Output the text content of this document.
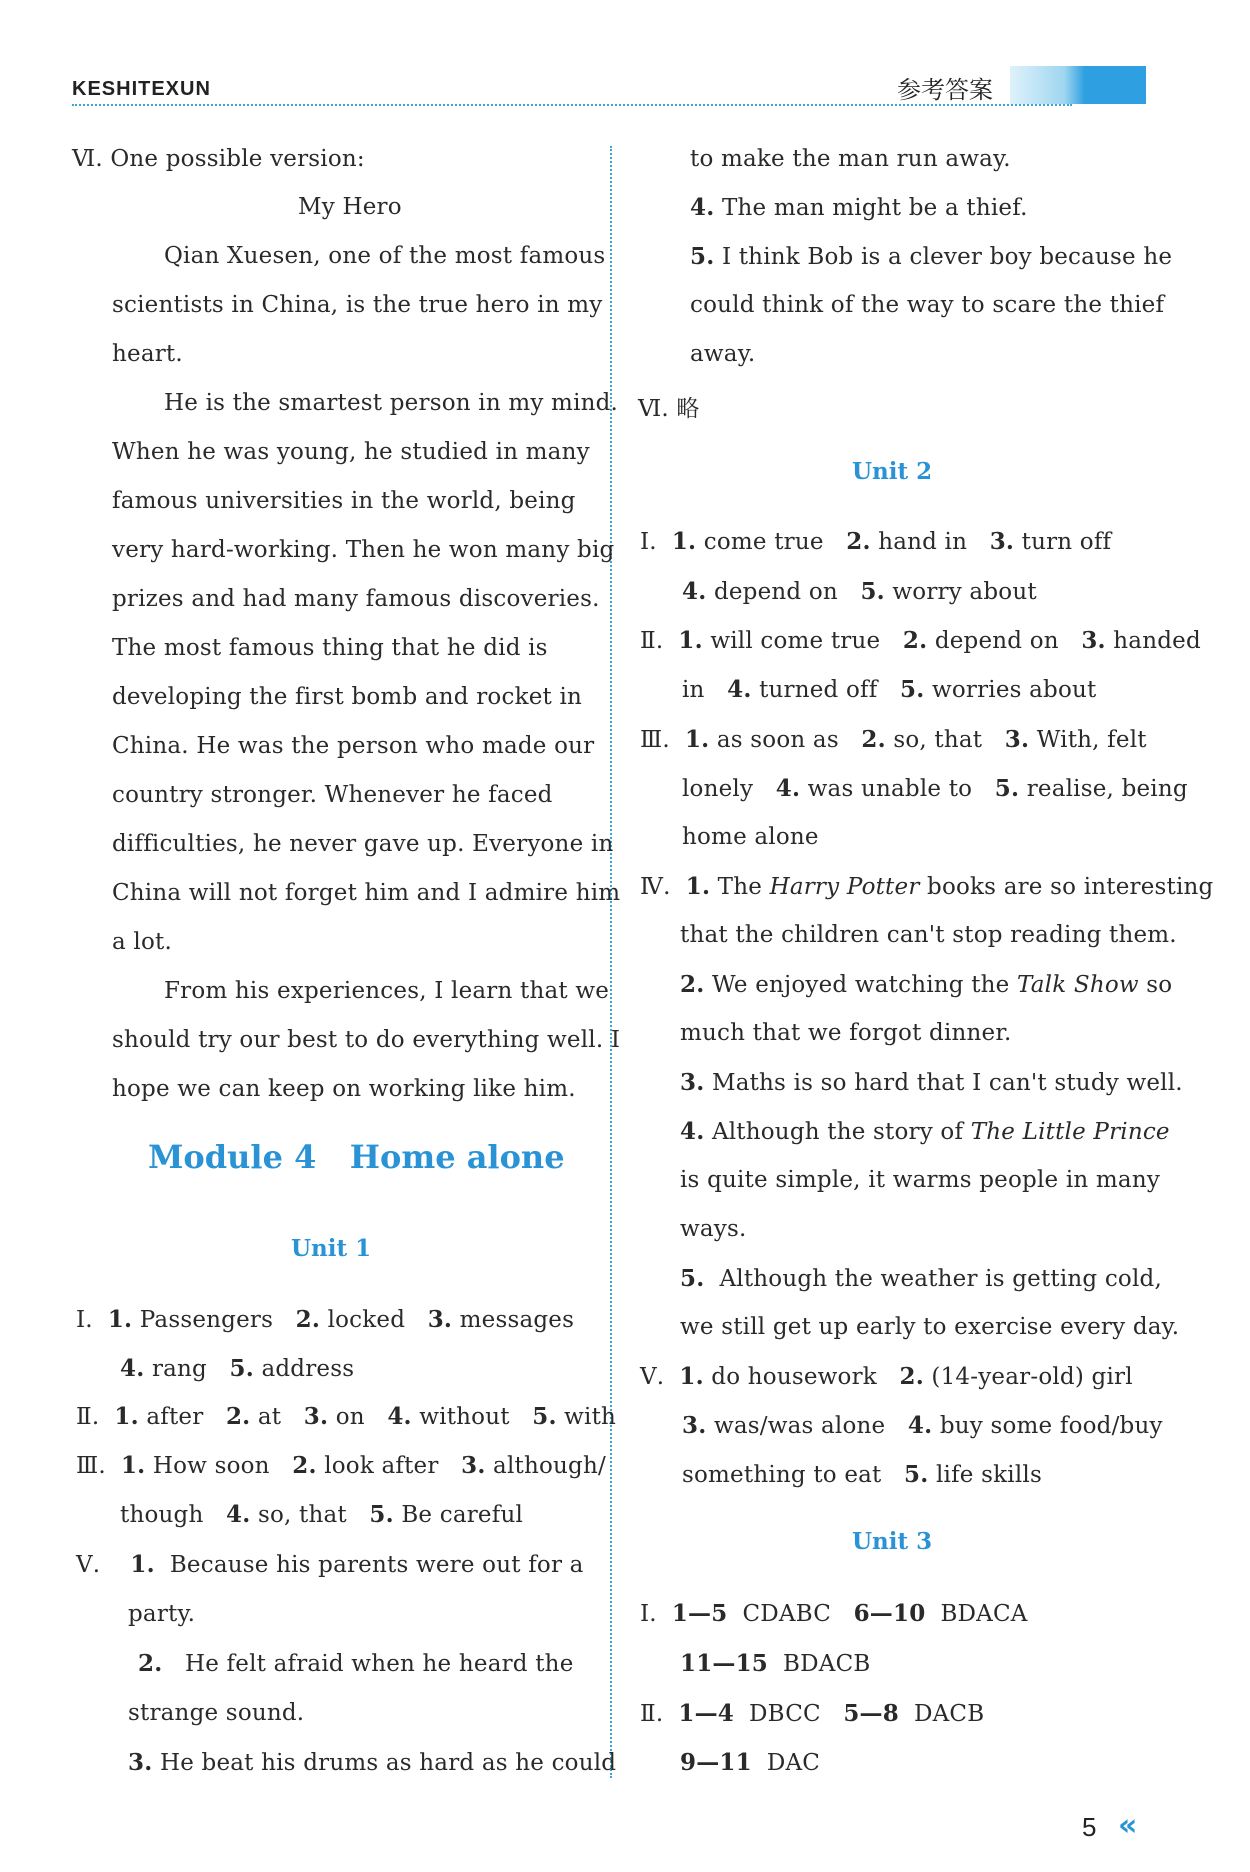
KESHITEXUN	参考答案
Ⅵ. One possible version:
My Hero
Qian Xuesen, one of the most famous
scientists in China, is the true hero in my
heart.
He is the smartest person in my mind.
When he was young, he studied in many
famous universities in the world, being
very hard-working. Then he won many big
prizes and had many famous discoveries.
The most famous thing that he did is
developing the first bomb and rocket in
China. He was the person who made our
country stronger. Whenever he faced
difficulties, he never gave up. Everyone in
China will not forget him and I admire him
a lot.
From his experiences, I learn that we
should try our best to do everything well. I
hope we can keep on working like him.
Module 4 Home alone
Unit 1
Ⅰ. 1. Passengers 2. locked 3. messages
4. rang 5. address
Ⅱ. 1. after 2. at 3. on 4. without 5. with
Ⅲ. 1. How soon 2. look after 3. although/
though 4. so, that 5. Be careful
Ⅴ. 1. Because his parents were out for a
party.
2. He felt afraid when he heard the
strange sound.
3. He beat his drums as hard as he could
to make the man run away.
4. The man might be a thief.
5. I think Bob is a clever boy because he
could think of the way to scare the thief
away.
Ⅵ. 略
Unit 2
Ⅰ. 1. come true 2. hand in 3. turn off
4. depend on 5. worry about
Ⅱ. 1. will come true 2. depend on 3. handed
in 4. turned off 5. worries about
Ⅲ. 1. as soon as 2. so, that 3. With, felt
lonely 4. was unable to 5. realise, being
home alone
Ⅳ. 1. The Harry Potter books are so interesting
that the children can't stop reading them.
2. We enjoyed watching the Talk Show so
much that we forgot dinner.
3. Maths is so hard that I can't study well.
4. Although the story of The Little Prince
is quite simple, it warms people in many
ways.
5. Although the weather is getting cold,
we still get up early to exercise every day.
Ⅴ. 1. do housework 2. (14-year-old) girl
3. was/was alone 4. buy some food/buy
something to eat 5. life skills
Unit 3
Ⅰ. 1—5 CDABC 6—10 BDACA
11—15 BDACB
Ⅱ. 1—4 DBCC 5—8 DACB
9—11 DAC
5 «
